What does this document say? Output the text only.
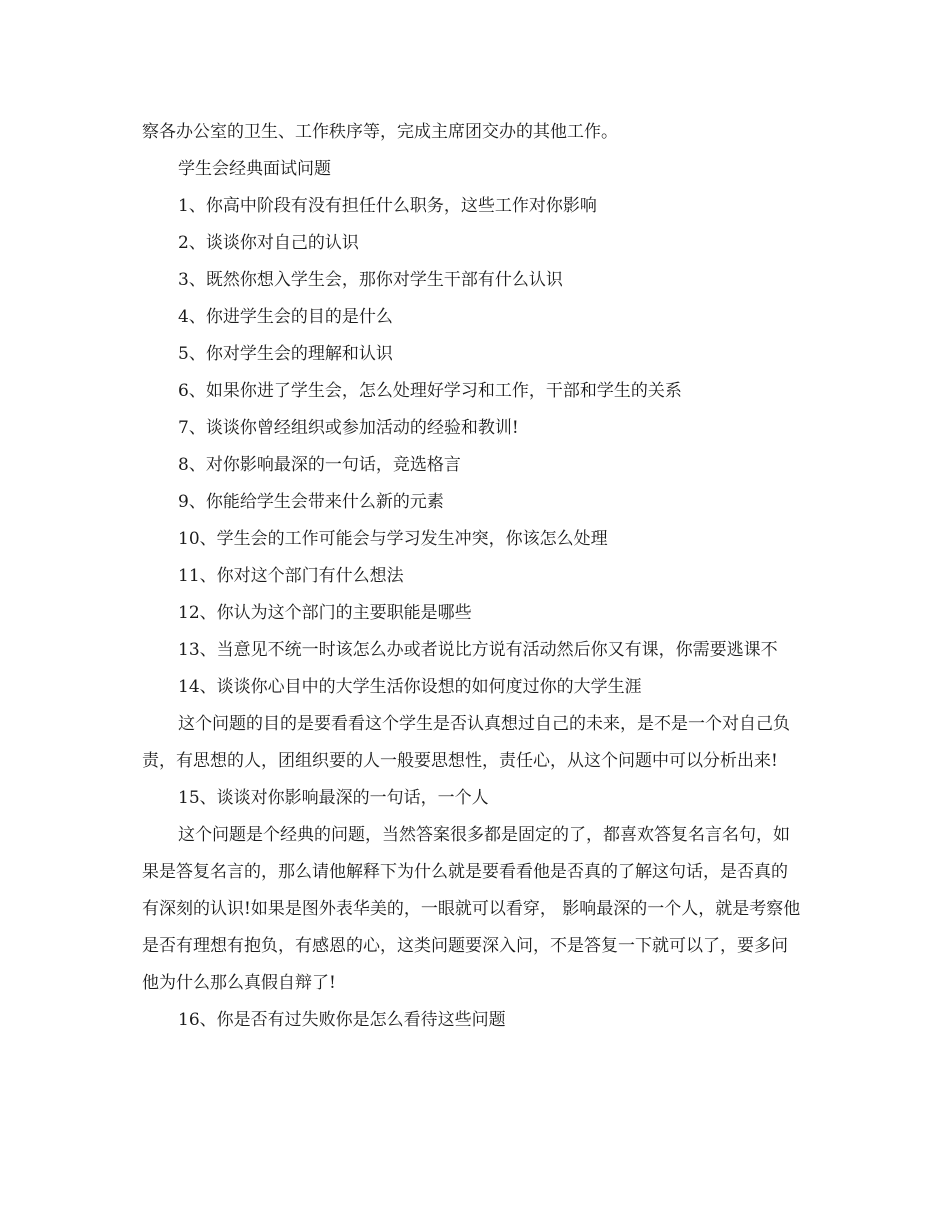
察各办公室的卫生、工作秩序等，完成主席团交办的其他工作。

学生会经典面试问题

1、你高中阶段有没有担任什么职务，这些工作对你影响

2、谈谈你对自己的认识

3、既然你想入学生会，那你对学生干部有什么认识

4、你进学生会的目的是什么

5、你对学生会的理解和认识

6、如果你进了学生会，怎么处理好学习和工作，干部和学生的关系

7、谈谈你曾经组织或参加活动的经验和教训!

8、对你影响最深的一句话，竞选格言

9、你能给学生会带来什么新的元素

10、学生会的工作可能会与学习发生冲突，你该怎么处理

11、你对这个部门有什么想法

12、你认为这个部门的主要职能是哪些

13、当意见不统一时该怎么办或者说比方说有活动然后你又有课，你需要逃课不

14、谈谈你心目中的大学生活你设想的如何度过你的大学生涯

这个问题的目的是要看看这个学生是否认真想过自己的未来，是不是一个对自己负责，有思想的人，团组织要的人一般要思想性，责任心，从这个问题中可以分析出来!

15、谈谈对你影响最深的一句话，一个人

这个问题是个经典的问题，当然答案很多都是固定的了，都喜欢答复名言名句，如果是答复名言的，那么请他解释下为什么就是要看看他是否真的了解这句话，是否真的有深刻的认识!如果是图外表华美的，一眼就可以看穿， 影响最深的一个人，就是考察他是否有理想有抱负，有感恩的心，这类问题要深入问，不是答复一下就可以了，要多问他为什么那么真假自辩了!

16、你是否有过失败你是怎么看待这些问题
